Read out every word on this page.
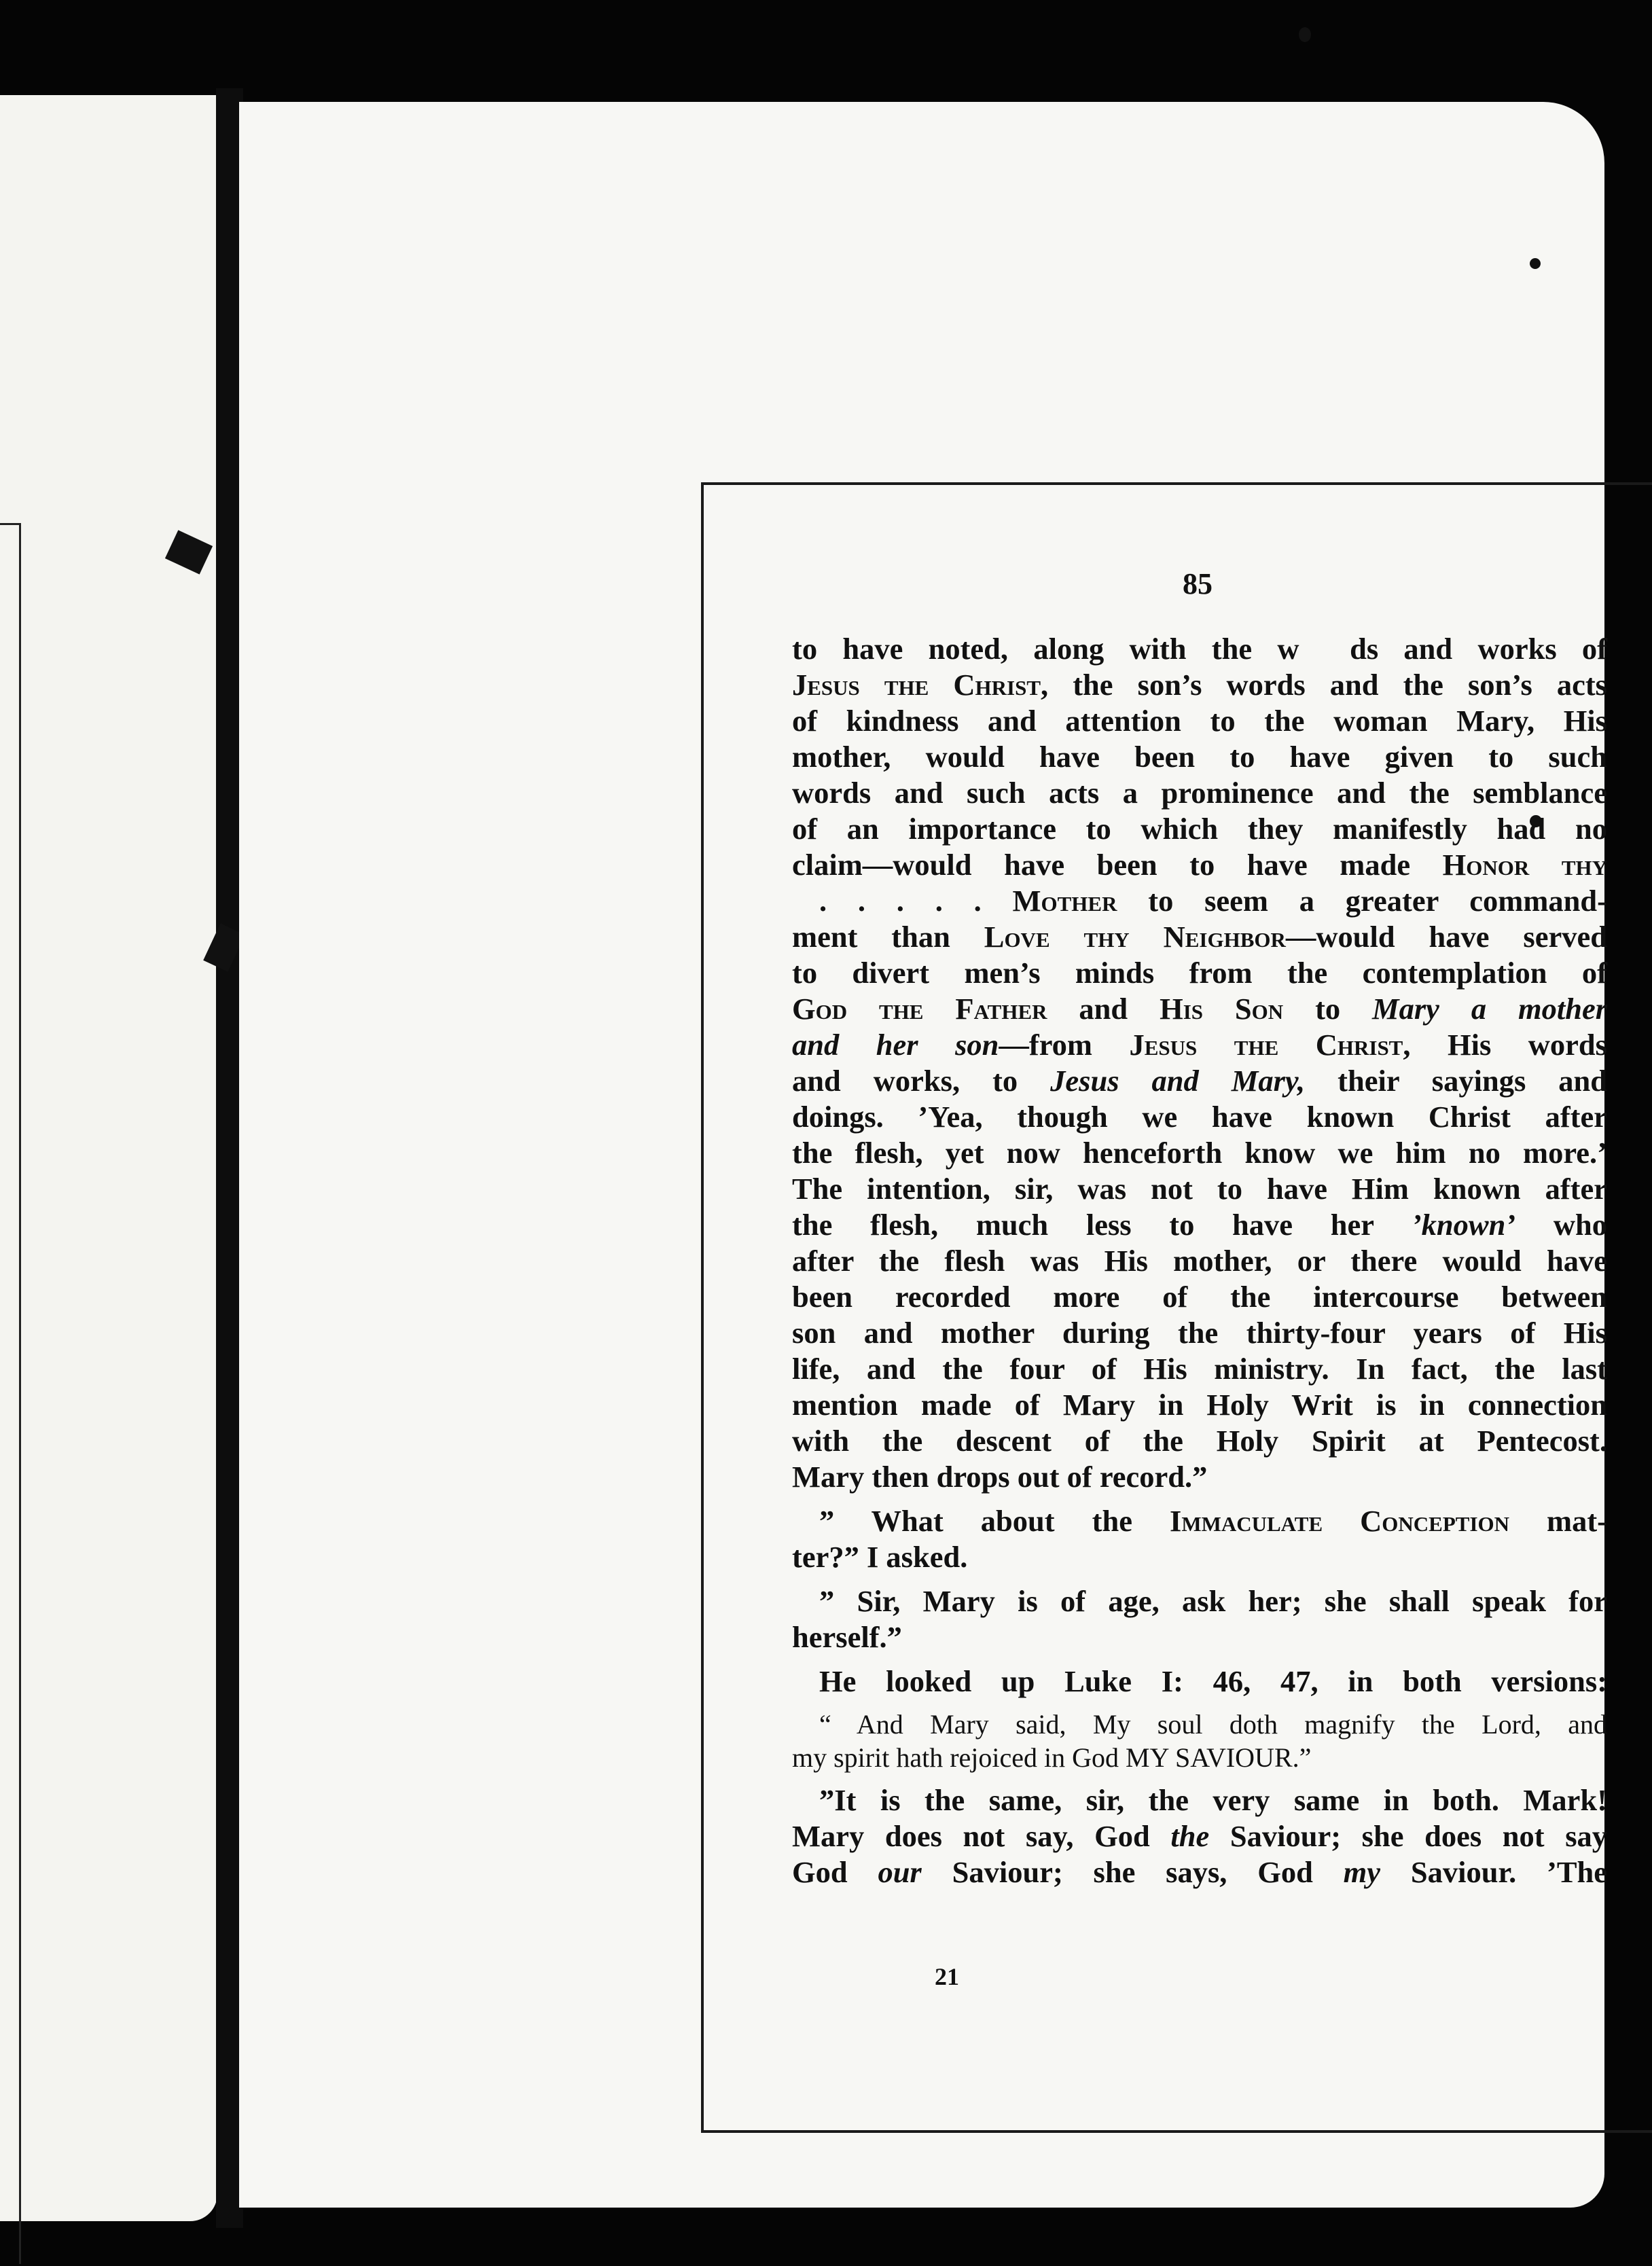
85
to have noted, along with the w  ds and works of
Jesus the Christ, the son’s words and the son’s acts
of kindness and attention to the woman Mary, His
mother, would have been to have given to such
words and such acts a prominence and the semblance
of an importance to which they manifestly had no
claim—would have been to have made Honor thy
. . . . . Mother to seem a greater command-
ment than Love thy Neighbor—would have served
to divert men’s minds from the contemplation of
God the Father and His Son to Mary a mother
and her son—from Jesus the Christ, His words
and works, to Jesus and Mary, their sayings and
doings. ’Yea, though we have known Christ after
the flesh, yet now henceforth know we him no more.’
The intention, sir, was not to have Him known after
the flesh, much less to have her ’known’ who
after the flesh was His mother, or there would have
been recorded more of the intercourse between
son and mother during the thirty-four years of His
life, and the four of His ministry. In fact, the last
mention made of Mary in Holy Writ is in connection
with the descent of the Holy Spirit at Pentecost.
Mary then drops out of record.”
” What about the Immaculate Conception mat-
ter?” I asked.
” Sir, Mary is of age, ask her; she shall speak for
herself.”
He looked up Luke I: 46, 47, in both versions:
“ And Mary said, My soul doth magnify the Lord, and
my spirit hath rejoiced in God MY SAVIOUR.”
”It is the same, sir, the very same in both. Mark!
Mary does not say, God the Saviour; she does not say
God our Saviour; she says, God my Saviour. ’The
21
